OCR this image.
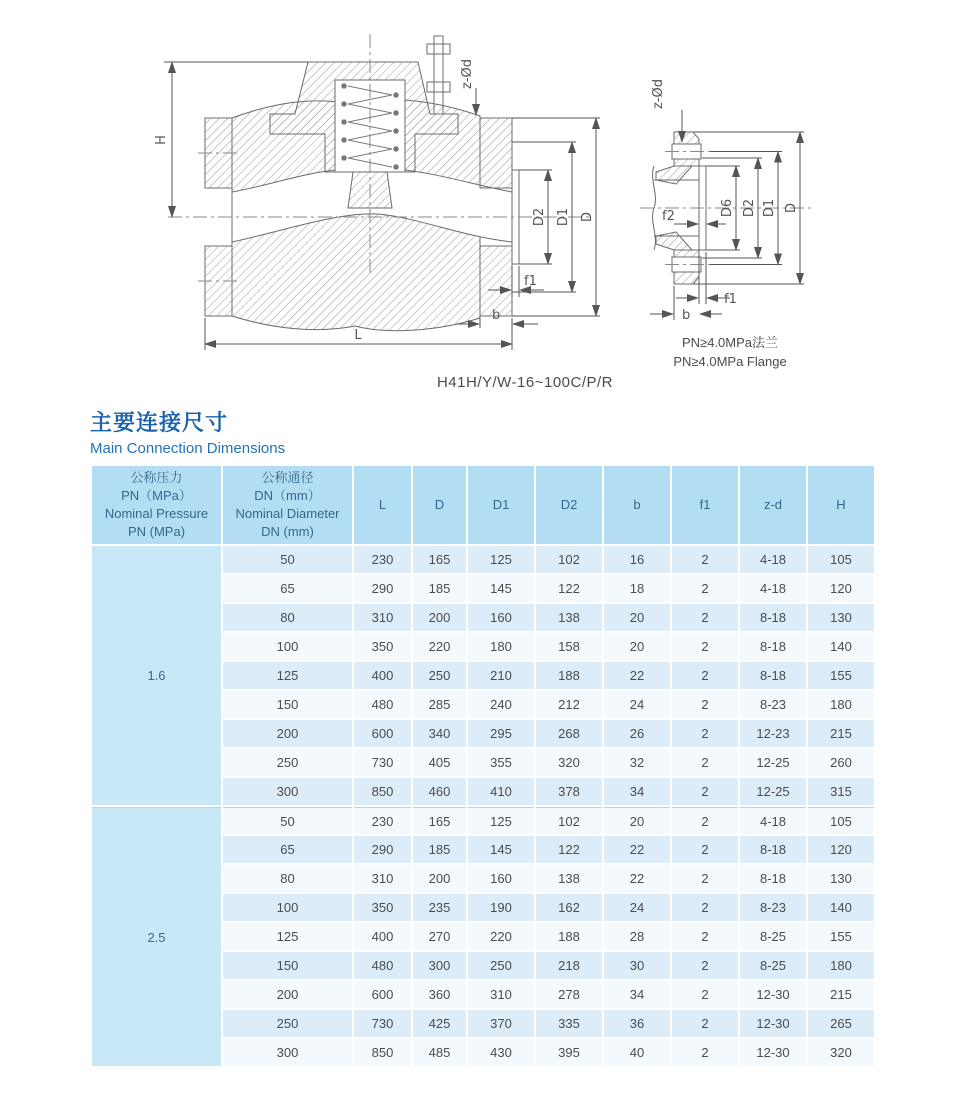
H
L
D2 D1 D
f1
b
z-Ød
z-Ød
f2	D6 D2 D1 D
f1
b
H41H/Y/W-16~100C/P/R
PN≥4.0MPa法兰
PN≥4.0MPa Flange
主要连接尺寸
Main Connection Dimensions
公称压力
PN（MPa）
Nominal Pressure
PN (MPa)

公称通径
DN（mm）
Nominal Diameter
DN (mm)
	L	D	D1	D2	b	f1	z-d	H
1.6	50	230	165	125	102	16	2	4-18	105
	65	290	185	145	122	18	2	4-18	120
	80	310	200	160	138	20	2	8-18	130
	100	350	220	180	158	20	2	8-18	140
	125	400	250	210	188	22	2	8-18	155
	150	480	285	240	212	24	2	8-23	180
	200	600	340	295	268	26	2	12-23	215
	250	730	405	355	320	32	2	12-25	260
	300	850	460	410	378	34	2	12-25	315
2.5	50	230	165	125	102	20	2	4-18	105
	65	290	185	145	122	22	2	8-18	120
	80	310	200	160	138	22	2	8-18	130
	100	350	235	190	162	24	2	8-23	140
	125	400	270	220	188	28	2	8-25	155
	150	480	300	250	218	30	2	8-25	180
	200	600	360	310	278	34	2	12-30	215
	250	730	425	370	335	36	2	12-30	265
	300	850	485	430	395	40	2	12-30	320
